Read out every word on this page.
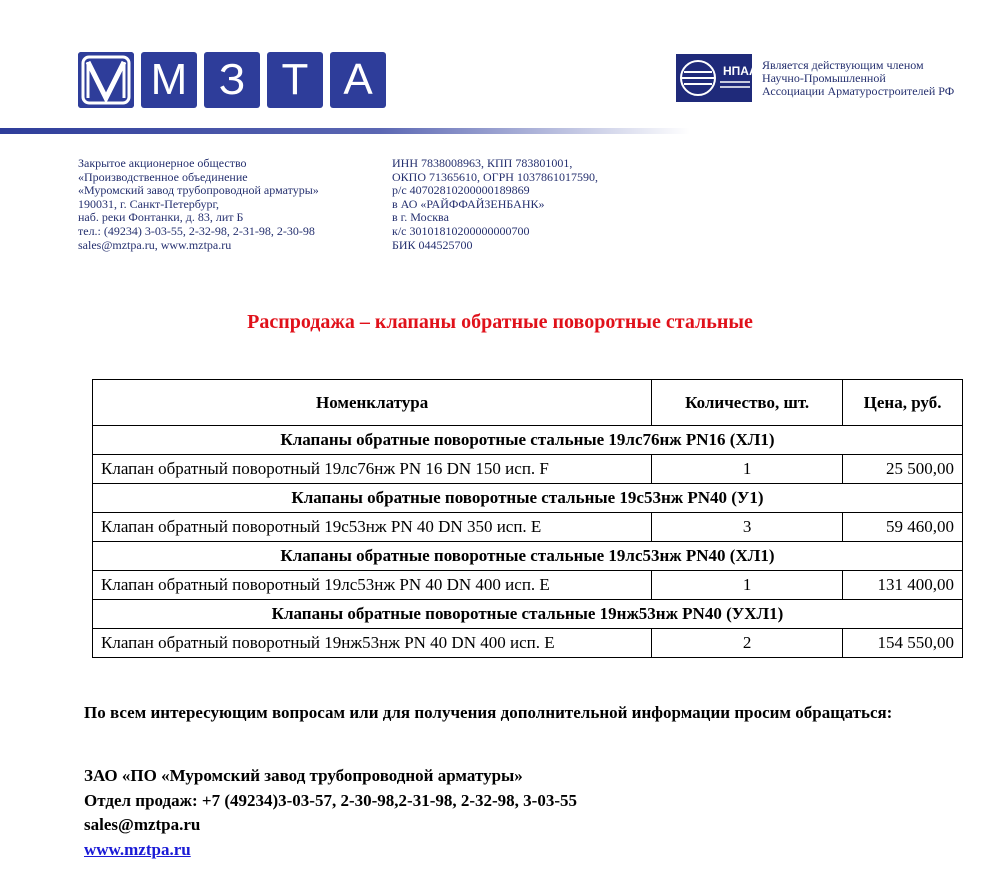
М З Т А	НПАА Является действующим членом
Научно-Промышленной
Ассоциации Арматуростроителей РФ
Закрытое акционерное общество
«Производственное объединение
«Муромский завод трубопроводной арматуры»
190031, г. Санкт-Петербург,
наб. реки Фонтанки, д. 83, лит Б
тел.: (49234) 3-03-55, 2-32-98, 2-31-98, 2-30-98
sales@mztpa.ru, www.mztpa.ru
ИНН 7838008963, КПП 783801001,
ОКПО 71365610, ОГРН 1037861017590,
р/с 40702810200000189869
в АО «РАЙФФАЙЗЕНБАНК»
в г. Москва
к/с 30101810200000000700
БИК 044525700
Распродажа – клапаны обратные поворотные стальные
Номенклатура	Количество, шт.	Цена, руб.
Клапаны обратные поворотные стальные 19лс76нж PN16 (ХЛ1)		
Клапан обратный поворотный 19лс76нж PN 16 DN 150 исп. F	1	25 500,00
Клапаны обратные поворотные стальные 19с53нж PN40 (У1)		
Клапан обратный поворотный 19с53нж PN 40 DN 350 исп. Е	3	59 460,00
Клапаны обратные поворотные стальные 19лс53нж PN40 (ХЛ1)		
Клапан обратный поворотный 19лс53нж PN 40 DN 400 исп. Е	1	131 400,00
Клапаны обратные поворотные стальные 19нж53нж PN40 (УХЛ1)		
Клапан обратный поворотный 19нж53нж PN 40 DN 400 исп. Е	2	154 550,00
По всем интересующим вопросам или для получения дополнительной информации просим обращаться:
ЗАО «ПО «Муромский завод трубопроводной арматуры»
Отдел продаж: +7 (49234)3-03-57, 2-30-98,2-31-98, 2-32-98, 3-03-55
sales@mztpa.ru
www.mztpa.ru
